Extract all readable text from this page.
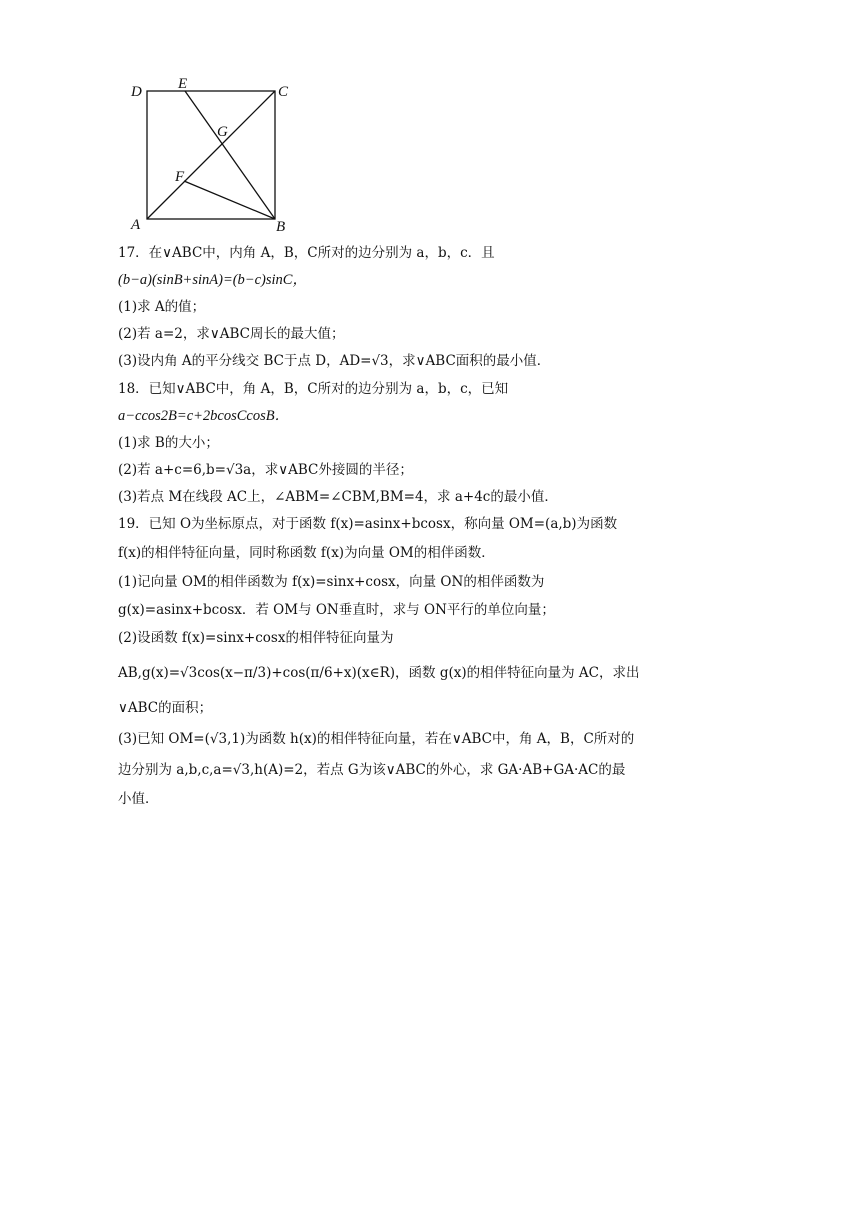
D E	C
G
F
A	B
17．在∨ABC中，内角 A，B，C所对的边分别为 a，b，c．且
(b−a)(sinB+sinA)=(b−c)sinC，
(1)求 A的值；
(2)若 a=2，求∨ABC周长的最大值；
(3)设内角 A的平分线交 BC于点 D，AD=√3，求∨ABC面积的最小值．
18．已知∨ABC中，角 A，B，C所对的边分别为 a，b，c，已知
a−ccos2B=c+2bcosCcosB．
(1)求 B的大小；
(2)若 a+c=6,b=√3a，求∨ABC外接圆的半径；
(3)若点 M在线段 AC上，∠ABM=∠CBM,BM=4，求 a+4c的最小值．
19．已知 O为坐标原点，对于函数 f(x)=asinx+bcosx，称向量 OM=(a,b)为函数
f(x)的相伴特征向量，同时称函数 f(x)为向量 OM的相伴函数．
(1)记向量 OM的相伴函数为 f(x)=sinx+cosx，向量 ON的相伴函数为
g(x)=asinx+bcosx．若 OM与 ON垂直时，求与 ON平行的单位向量；
(2)设函数 f(x)=sinx+cosx的相伴特征向量为
AB,g(x)=√3cos(x−π/3)+cos(π/6+x)(x∈R)，函数 g(x)的相伴特征向量为 AC，求出
∨ABC的面积；
(3)已知 OM=(√3,1)为函数 h(x)的相伴特征向量，若在∨ABC中，角 A，B，C所对的
边分别为 a,b,c,a=√3,h(A)=2，若点 G为该∨ABC的外心，求 GA·AB+GA·AC的最
小值．
